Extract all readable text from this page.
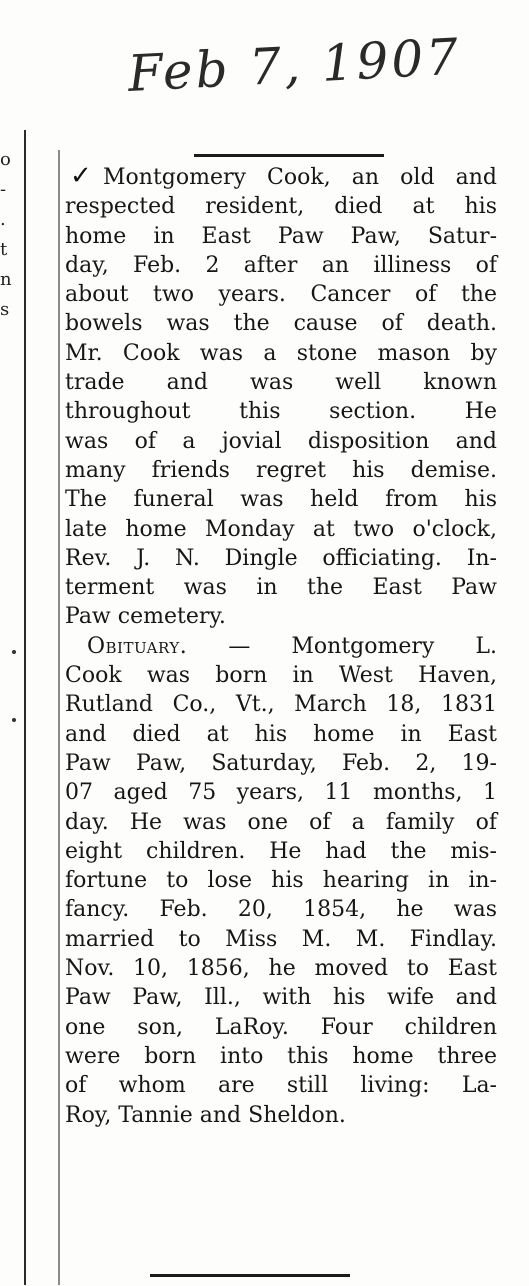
Feb 7, 1907
o
-
.
t
n
s
✓ Montgomery Cook, an old and
respected resident, died at his
home in East Paw Paw, Satur-
day, Feb. 2 after an illiness of
about two years. Cancer of the
bowels was the cause of death.
Mr. Cook was a stone mason by
trade and was well known
throughout this section. He
was of a jovial disposition and
many friends regret his demise.
The funeral was held from his
late home Monday at two o'clock,
Rev. J. N. Dingle officiating. In-
terment was in the East Paw
Paw cemetery.
Obituary. — Montgomery L.
Cook was born in West Haven,
Rutland Co., Vt., March 18, 1831
and died at his home in East
Paw Paw, Saturday, Feb. 2, 19-
07 aged 75 years, 11 months, 1
day. He was one of a family of
eight children. He had the mis-
fortune to lose his hearing in in-
fancy. Feb. 20, 1854, he was
married to Miss M. M. Findlay.
Nov. 10, 1856, he moved to East
Paw Paw, Ill., with his wife and
one son, LaRoy. Four children
were born into this home three
of whom are still living: La-
Roy, Tannie and Sheldon.
